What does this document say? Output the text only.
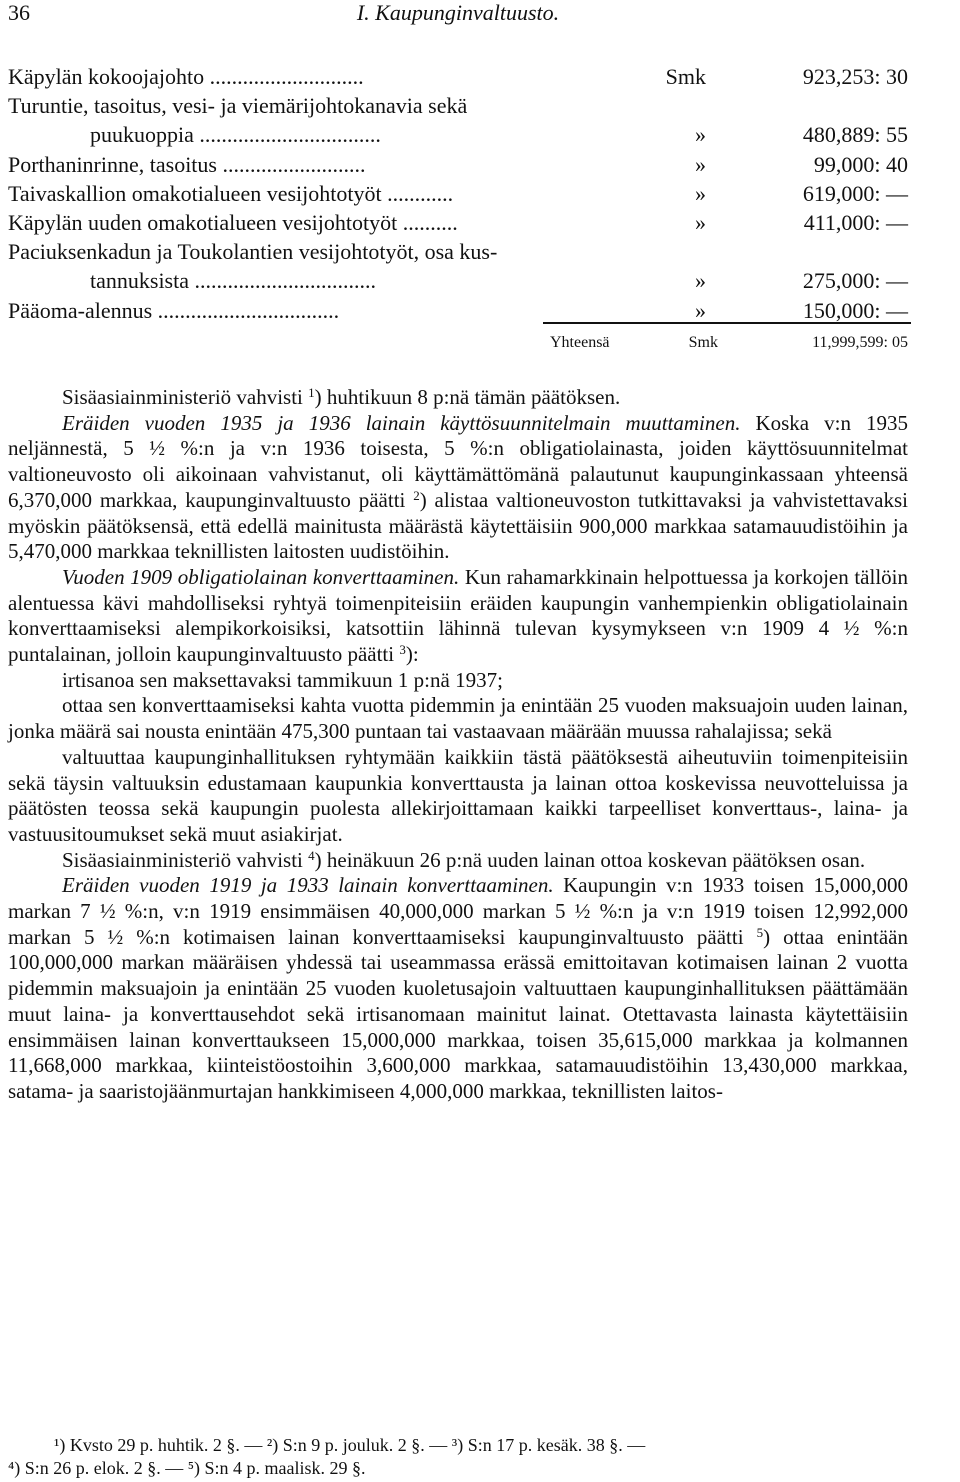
36	I. Kaupunginvaltuusto.
Käpylän kokoojajohto ............................	Smk	923,253: 30
Turuntie, tasoitus, vesi- ja viemärijohtokanavia sekä
puukuoppia .................................	»	480,889: 55
Porthaninrinne, tasoitus ..........................	»	99,000: 40
Taivaskallion omakotialueen vesijohtotyöt ............	»	619,000: —
Käpylän uuden omakotialueen vesijohtotyöt ..........	»	411,000: —
Paciuksenkadun ja Toukolantien vesijohtotyöt, osa kus-
tannuksista .................................	»	275,000: —
Pääoma-alennus .................................	»	150,000: —
Yhteensä	Smk	11,999,599: 05

Sisäasiainministeriö vahvisti $^1$) huhtikuun 8 p:nä tämän päätöksen.

Eräiden vuoden 1935 ja 1936 lainain käyttösuunnitelmain muuttaminen. Koska v:n 1935 neljännestä, 5 ½ %:n ja v:n 1936 toisesta, 5 %:n obligatiolainasta, joiden käyttösuunnitelmat valtioneuvosto oli aikoinaan vahvistanut, oli käyttämättömänä palautunut kaupunginkassaan yhteensä 6,370,000 markkaa, kaupunginvaltuusto päätti $^2$) alistaa valtioneuvoston tutkittavaksi ja vahvistettavaksi myöskin päätöksensä, että edellä mainitusta määrästä käytettäisiin 900,000 markkaa satamauudistöihin ja 5,470,000 markkaa teknillisten laitosten uudistöihin.

Vuoden 1909 obligatiolainan konverttaaminen. Kun rahamarkkinain helpottuessa ja korkojen tällöin alentuessa kävi mahdolliseksi ryhtyä toimenpiteisiin eräiden kaupungin vanhempienkin obligatiolainain konverttaamiseksi alempikorkoisiksi, katsottiin lähinnä tulevan kysymykseen v:n 1909 4 ½ %:n puntalainan, jolloin kaupunginvaltuusto päätti $^3$):

irtisanoa sen maksettavaksi tammikuun 1 p:nä 1937;

ottaa sen konverttaamiseksi kahta vuotta pidemmin ja enintään 25 vuoden maksuajoin uuden lainan, jonka määrä sai nousta enintään 475,300 puntaan tai vastaavaan määrään muussa rahalajissa; sekä

valtuuttaa kaupunginhallituksen ryhtymään kaikkiin tästä päätöksestä aiheutuviin toimenpiteisiin sekä täysin valtuuksin edustamaan kaupunkia konverttausta ja lainan ottoa koskevissa neuvotteluissa ja päätösten teossa sekä kaupungin puolesta allekirjoittamaan kaikki tarpeelliset konverttaus-, laina- ja vastuusitoumukset sekä muut asiakirjat.

Sisäasiainministeriö vahvisti $^4$) heinäkuun 26 p:nä uuden lainan ottoa koskevan päätöksen osan.

Eräiden vuoden 1919 ja 1933 lainain konverttaaminen. Kaupungin v:n 1933 toisen 15,000,000 markan 7 ½ %:n, v:n 1919 ensimmäisen 40,000,000 markan 5 ½ %:n ja v:n 1919 toisen 12,992,000 markan 5 ½ %:n kotimaisen lainan konverttaamiseksi kaupunginvaltuusto päätti $^5$) ottaa enintään 100,000,000 markan määräisen yhdessä tai useammassa erässä emittoitavan kotimaisen lainan 2 vuotta pidemmin maksuajoin ja enintään 25 vuoden kuoletusajoin valtuuttaen kaupunginhallituksen päättämään muut laina- ja konverttausehdot sekä irtisanomaan mainitut lainat. Otettavasta lainasta käytettäisiin ensimmäisen lainan konverttaukseen 15,000,000 markkaa, toisen 35,615,000 markkaa ja kolmannen 11,668,000 markkaa, kiinteistöostoihin 3,600,000 markkaa, satamauudistöihin 13,430,000 markkaa, satama- ja saaristojäänmurtajan hankkimiseen 4,000,000 markkaa, teknillisten laitos-

¹) Kvsto 29 p. huhtik. 2 §. — ²) S:n 9 p. jouluk. 2 §. — ³) S:n 17 p. kesäk. 38 §. —

⁴) S:n 26 p. elok. 2 §. — ⁵) S:n 4 p. maalisk. 29 §.
